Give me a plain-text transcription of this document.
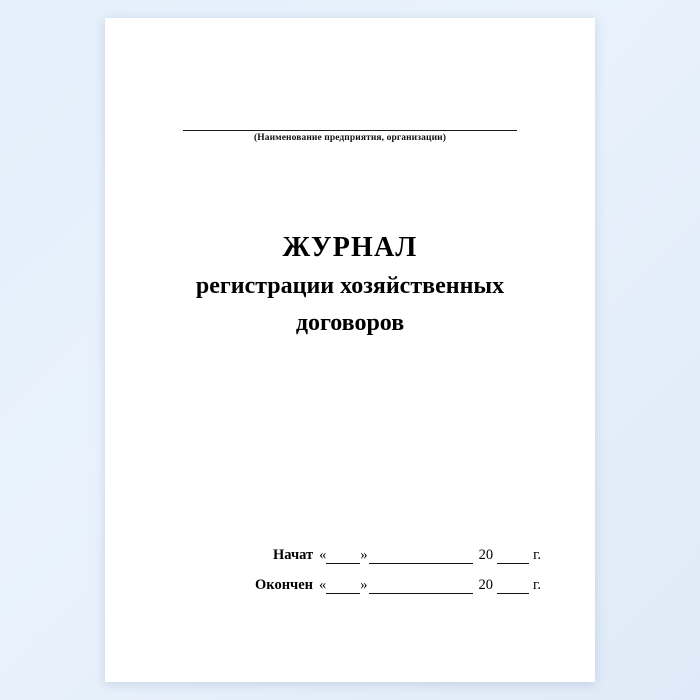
(Наименование предприятия, организации)
ЖУРНАЛ
регистрации хозяйственных
договоров
Начат « »	20	г.
Окончен « »	20	г.
